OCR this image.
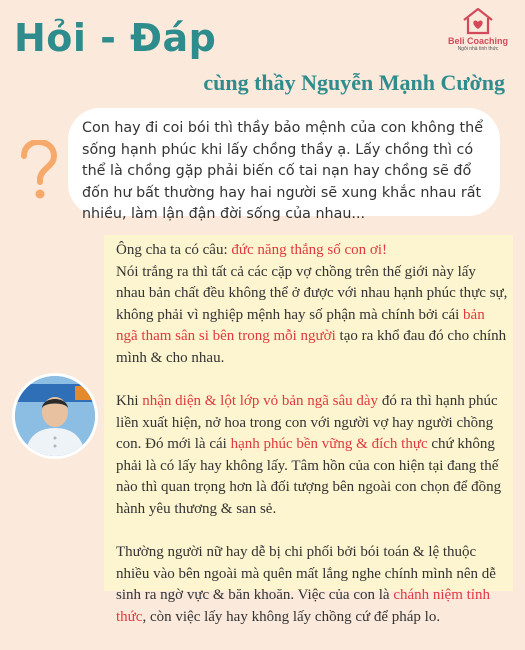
Hỏi - Đáp
cùng thầy Nguyễn Mạnh Cường
Beli Coaching
Ngôi nhà tinh thức
Con hay đi coi bói thì thầy bảo mệnh của con không thể sống hạnh phúc khi lấy chồng thầy ạ. Lấy chồng thì có thể là chồng gặp phải biến cố tai nạn hay chồng sẽ đổ đốn hư bất thường hay hai người sẽ xung khắc nhau rất nhiều, làm lận đận đời sống của nhau...

Ông cha ta có câu: đức năng thắng số con ơi!
Nói trắng ra thì tất cả các cặp vợ chồng trên thế giới này lấy nhau bản chất đều không thể ở được với nhau hạnh phúc thực sự, không phải vì nghiệp mệnh hay số phận mà chính bởi cái bản ngã tham sân si bên trong mỗi người tạo ra khổ đau đó cho chính mình & cho nhau.

Khi nhận diện & lột lớp vỏ bản ngã sâu dày đó ra thì hạnh phúc liền xuất hiện, nở hoa trong con với người vợ hay người chồng con. Đó mới là cái hạnh phúc bền vững & đích thực chứ không phải là có lấy hay không lấy. Tâm hồn của con hiện tại đang thế nào thì quan trọng hơn là đối tượng bên ngoài con chọn để đồng hành yêu thương & san sẻ.

Thường người nữ hay dễ bị chi phối bởi bói toán & lệ thuộc nhiều vào bên ngoài mà quên mất lắng nghe chính mình nên dễ sinh ra ngờ vực & băn khoăn. Việc của con là chánh niệm tỉnh thức, còn việc lấy hay không lấy chồng cứ để pháp lo.
